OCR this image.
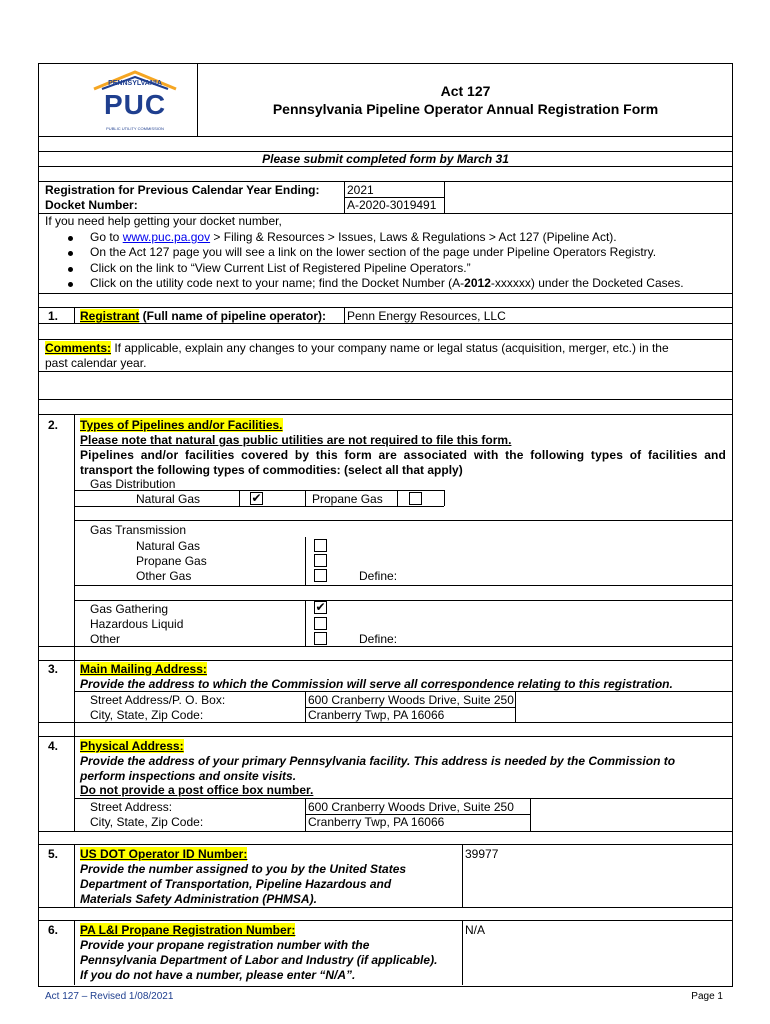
PENNSYLVANIA
PUC
PUBLIC UTILITY COMMISSION
Act 127
Pennsylvania Pipeline Operator Annual Registration Form
Please submit completed form by March 31
Registration for Previous Calendar Year Ending: 2021
Docket Number:	A-2020-3019491
If you need help getting your docket number,
Go to www.puc.pa.gov > Filing & Resources > Issues, Laws & Regulations > Act 127 (Pipeline Act).
On the Act 127 page you will see a link on the lower section of the page under Pipeline Operators Registry.
Click on the link to “View Current List of Registered Pipeline Operators.”
Click on the utility code next to your name; find the Docket Number (A-2012-xxxxxx) under the Docketed Cases.
1. Registrant (Full name of pipeline operator): Penn Energy Resources, LLC
Comments: If applicable, explain any changes to your company name or legal status (acquisition, merger, etc.) in the
past calendar year.
2. Types of Pipelines and/or Facilities.
Please note that natural gas public utilities are not required to file this form.
Pipelines and/or facilities covered by this form are associated with the following types of facilities and
transport the following types of commodities: (select all that apply)
Gas Distribution
Natural Gas	✔	Propane Gas
Gas Transmission
Natural Gas
Propane Gas
Other Gas	Define:
Gas Gathering	✔
Hazardous Liquid
Other	Define:
3. Main Mailing Address:
Provide the address to which the Commission will serve all correspondence relating to this registration.
Street Address/P. O. Box:	600 Cranberry Woods Drive, Suite 250
City, State, Zip Code:	Cranberry Twp, PA 16066
4. Physical Address:
Provide the address of your primary Pennsylvania facility. This address is needed by the Commission to
perform inspections and onsite visits.
Do not provide a post office box number.
Street Address:	600 Cranberry Woods Drive, Suite 250
City, State, Zip Code:	Cranberry Twp, PA 16066
5. US DOT Operator ID Number:
Provide the number assigned to you by the United States
Department of Transportation, Pipeline Hazardous and
Materials Safety Administration (PHMSA).
39977
6. PA L&I Propane Registration Number:
Provide your propane registration number with the
Pennsylvania Department of Labor and Industry (if applicable).
If you do not have a number, please enter “N/A”.
N/A
Act 127 – Revised 1/08/2021	Page 1
